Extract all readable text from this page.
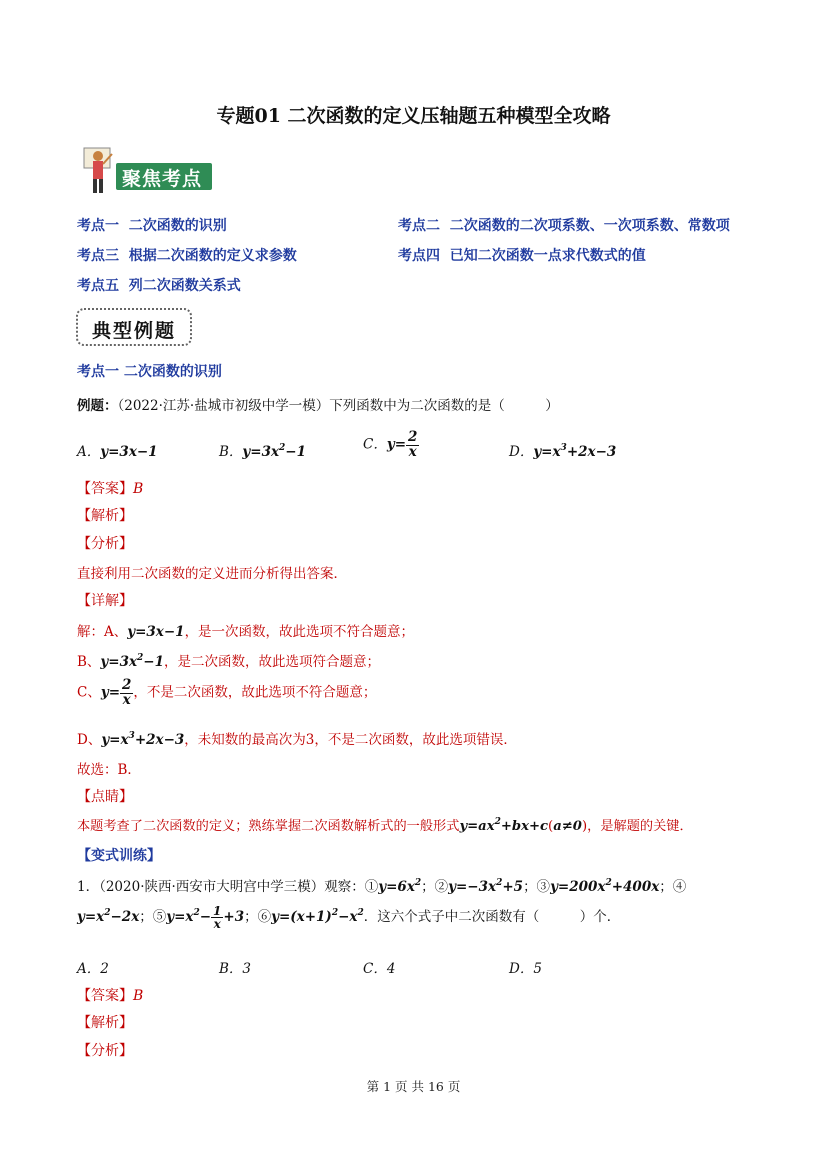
专题01 二次函数的定义压轴题五种模型全攻略
聚焦考点
考点一 二次函数的识别	考点二 二次函数的二次项系数、一次项系数、常数项
考点三 根据二次函数的定义求参数	考点四 已知二次函数一点求代数式的值
考点五 列二次函数关系式
典型例题
考点一 二次函数的识别
例题：（2022·江苏·盐城市初级中学一模）下列函数中为二次函数的是（　　　）
A．y=3x−1	B．$y=3x^2-1$	C．$y= \frac{2}{x}$	D．$y=x^3+2x-3$
【答案】B
【解析】
【分析】
直接利用二次函数的定义进而分析得出答案．
【详解】
解：A、y=3x−1，是一次函数，故此选项不符合题意；
B、$y=3x^2-1$，是二次函数，故此选项符合题意；
C、$y= \frac{2}{x}$ ，不是二次函数，故此选项不符合题意；
D、$y=x^3+2x-3$，未知数的最高次为3，不是二次函数，故此选项错误．
故选：B．
【点睛】
本题考查了二次函数的定义；熟练掌握二次函数解析式的一般形式$y=ax^2+bx+c(a\ne 0)$，是解题的关键．
【变式训练】
1．（2020·陕西·西安市大明宫中学三模）观察：$①y=6x^2$；$②y=-3x^2+5$；$③y=200x^2+400x$；④
$y=x^2-2x$；$⑤y=x^2- \frac{1}{x} +3$；$⑥y=(x+1)^2-x^2$．这六个式子中二次函数有（　　　）个．
A．2	B．3	C．4	D．5
【答案】B
【解析】
【分析】
第 1 页 共 16 页
